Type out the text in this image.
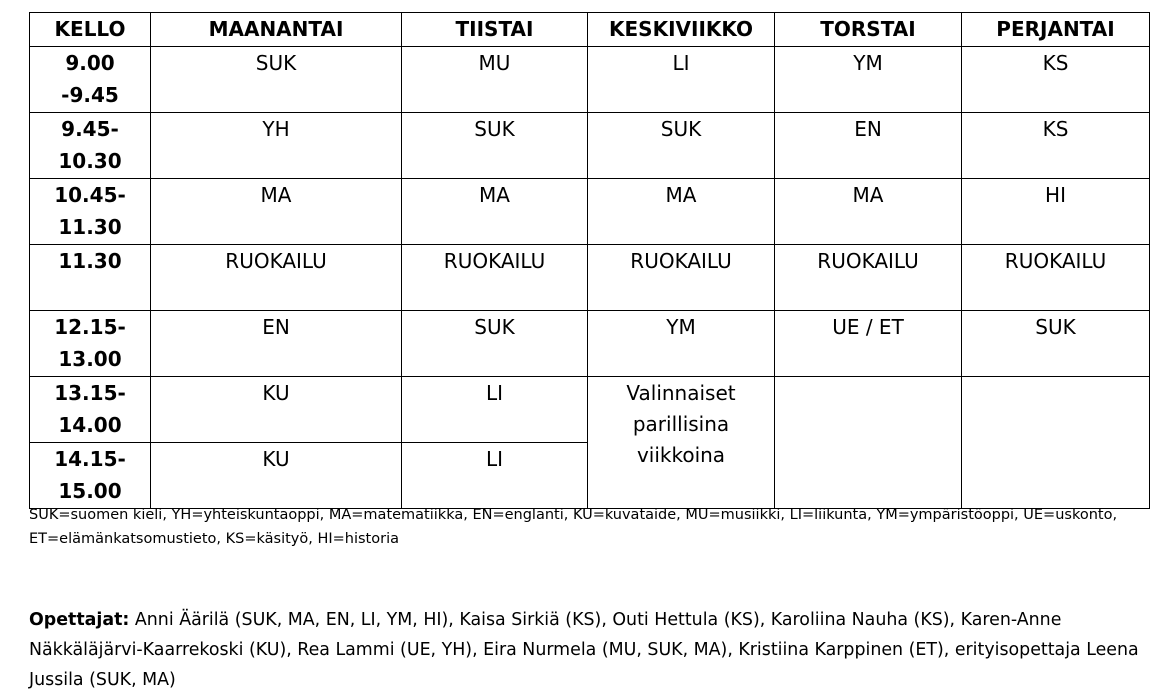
KELLO	MAANANTAI	TIISTAI	KESKIVIIKKO	TORSTAI	PERJANTAI

9.00
-9.45	SUK	MU	LI	YM	KS

9.45-
10.30	YH	SUK	SUK	EN	KS

10.45-
11.30	MA	MA	MA	MA	HI

11.30	RUOKAILU	RUOKAILU	RUOKAILU	RUOKAILU	RUOKAILU

12.15-
13.00	EN	SUK	YM	UE / ET	SUK

13.15-
14.00	KU	LI	Valinnaiset
parillisina
viikkoina		

14.15-
15.00	KU	LI			
SUK=suomen kieli, YH=yhteiskuntaoppi, MA=matematiikka, EN=englanti, KU=kuvataide, MU=musiikki, LI=liikunta, YM=ympäristöoppi, UE=uskonto, ET=elämänkatsomustieto, KS=käsityö, HI=historia
Opettajat: Anni Äärilä (SUK, MA, EN, LI, YM, HI), Kaisa Sirkiä (KS), Outi Hettula (KS), Karoliina Nauha (KS), Karen-Anne Näkkäläjärvi-Kaarrekoski (KU), Rea Lammi (UE, YH), Eira Nurmela (MU, SUK, MA), Kristiina Karppinen (ET), erityisopettaja Leena Jussila (SUK, MA)
